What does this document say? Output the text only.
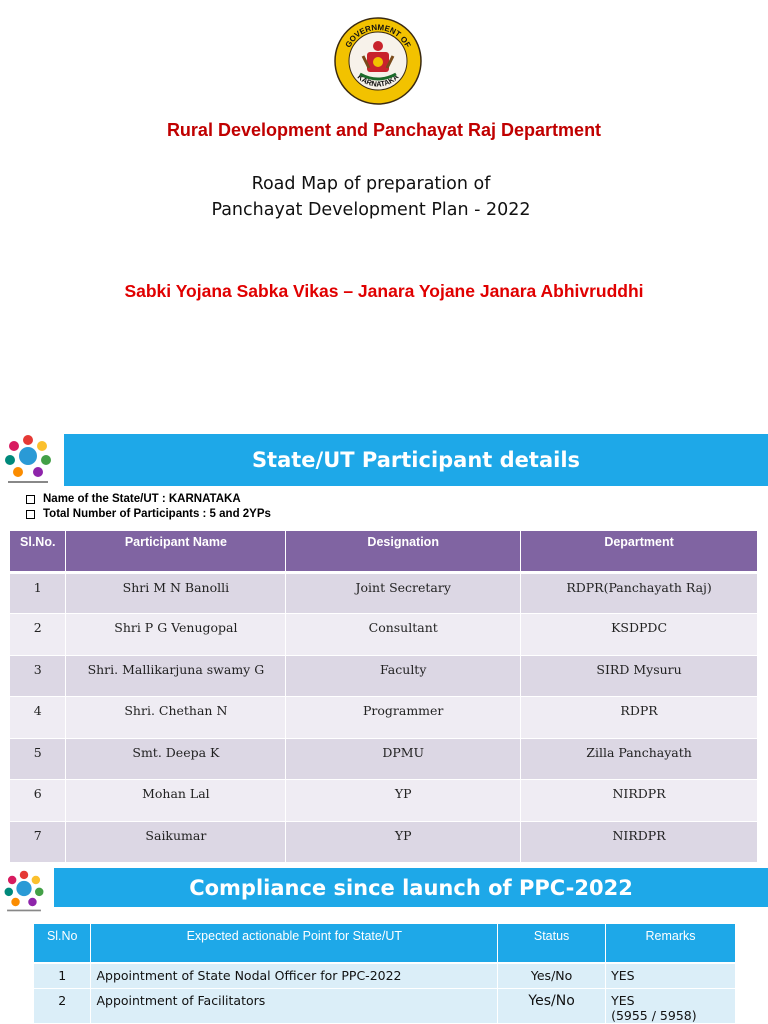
GOVERNMENT OF
KARNATAKA
Rural Development and Panchayat Raj Department
Road Map of preparation of
Panchayat Development Plan - 2022
Sabki Yojana Sabka Vikas – Janara Yojane Janara Abhivruddhi
State/UT Participant details
Name of the State/UT : KARNATAKA
Total Number of Participants : 5 and 2YPs
Sl.No.	Participant Name	Designation	Department
1	Shri M N Banolli	Joint Secretary	RDPR(Panchayath Raj)
2	Shri P G Venugopal	Consultant	KSDPDC
3	Shri. Mallikarjuna swamy G	Faculty	SIRD Mysuru
4	Shri. Chethan N	Programmer	RDPR
5	Smt. Deepa K	DPMU	Zilla Panchayath
6	Mohan Lal	YP	NIRDPR
7	Saikumar	YP	NIRDPR
Compliance since launch of PPC-2022
Sl.No	Expected actionable Point for State/UT	Status	Remarks
1	Appointment of State Nodal Officer for PPC-2022	Yes/No	YES
2	Appointment of Facilitators	Yes/No	YES
(5955 / 5958)
